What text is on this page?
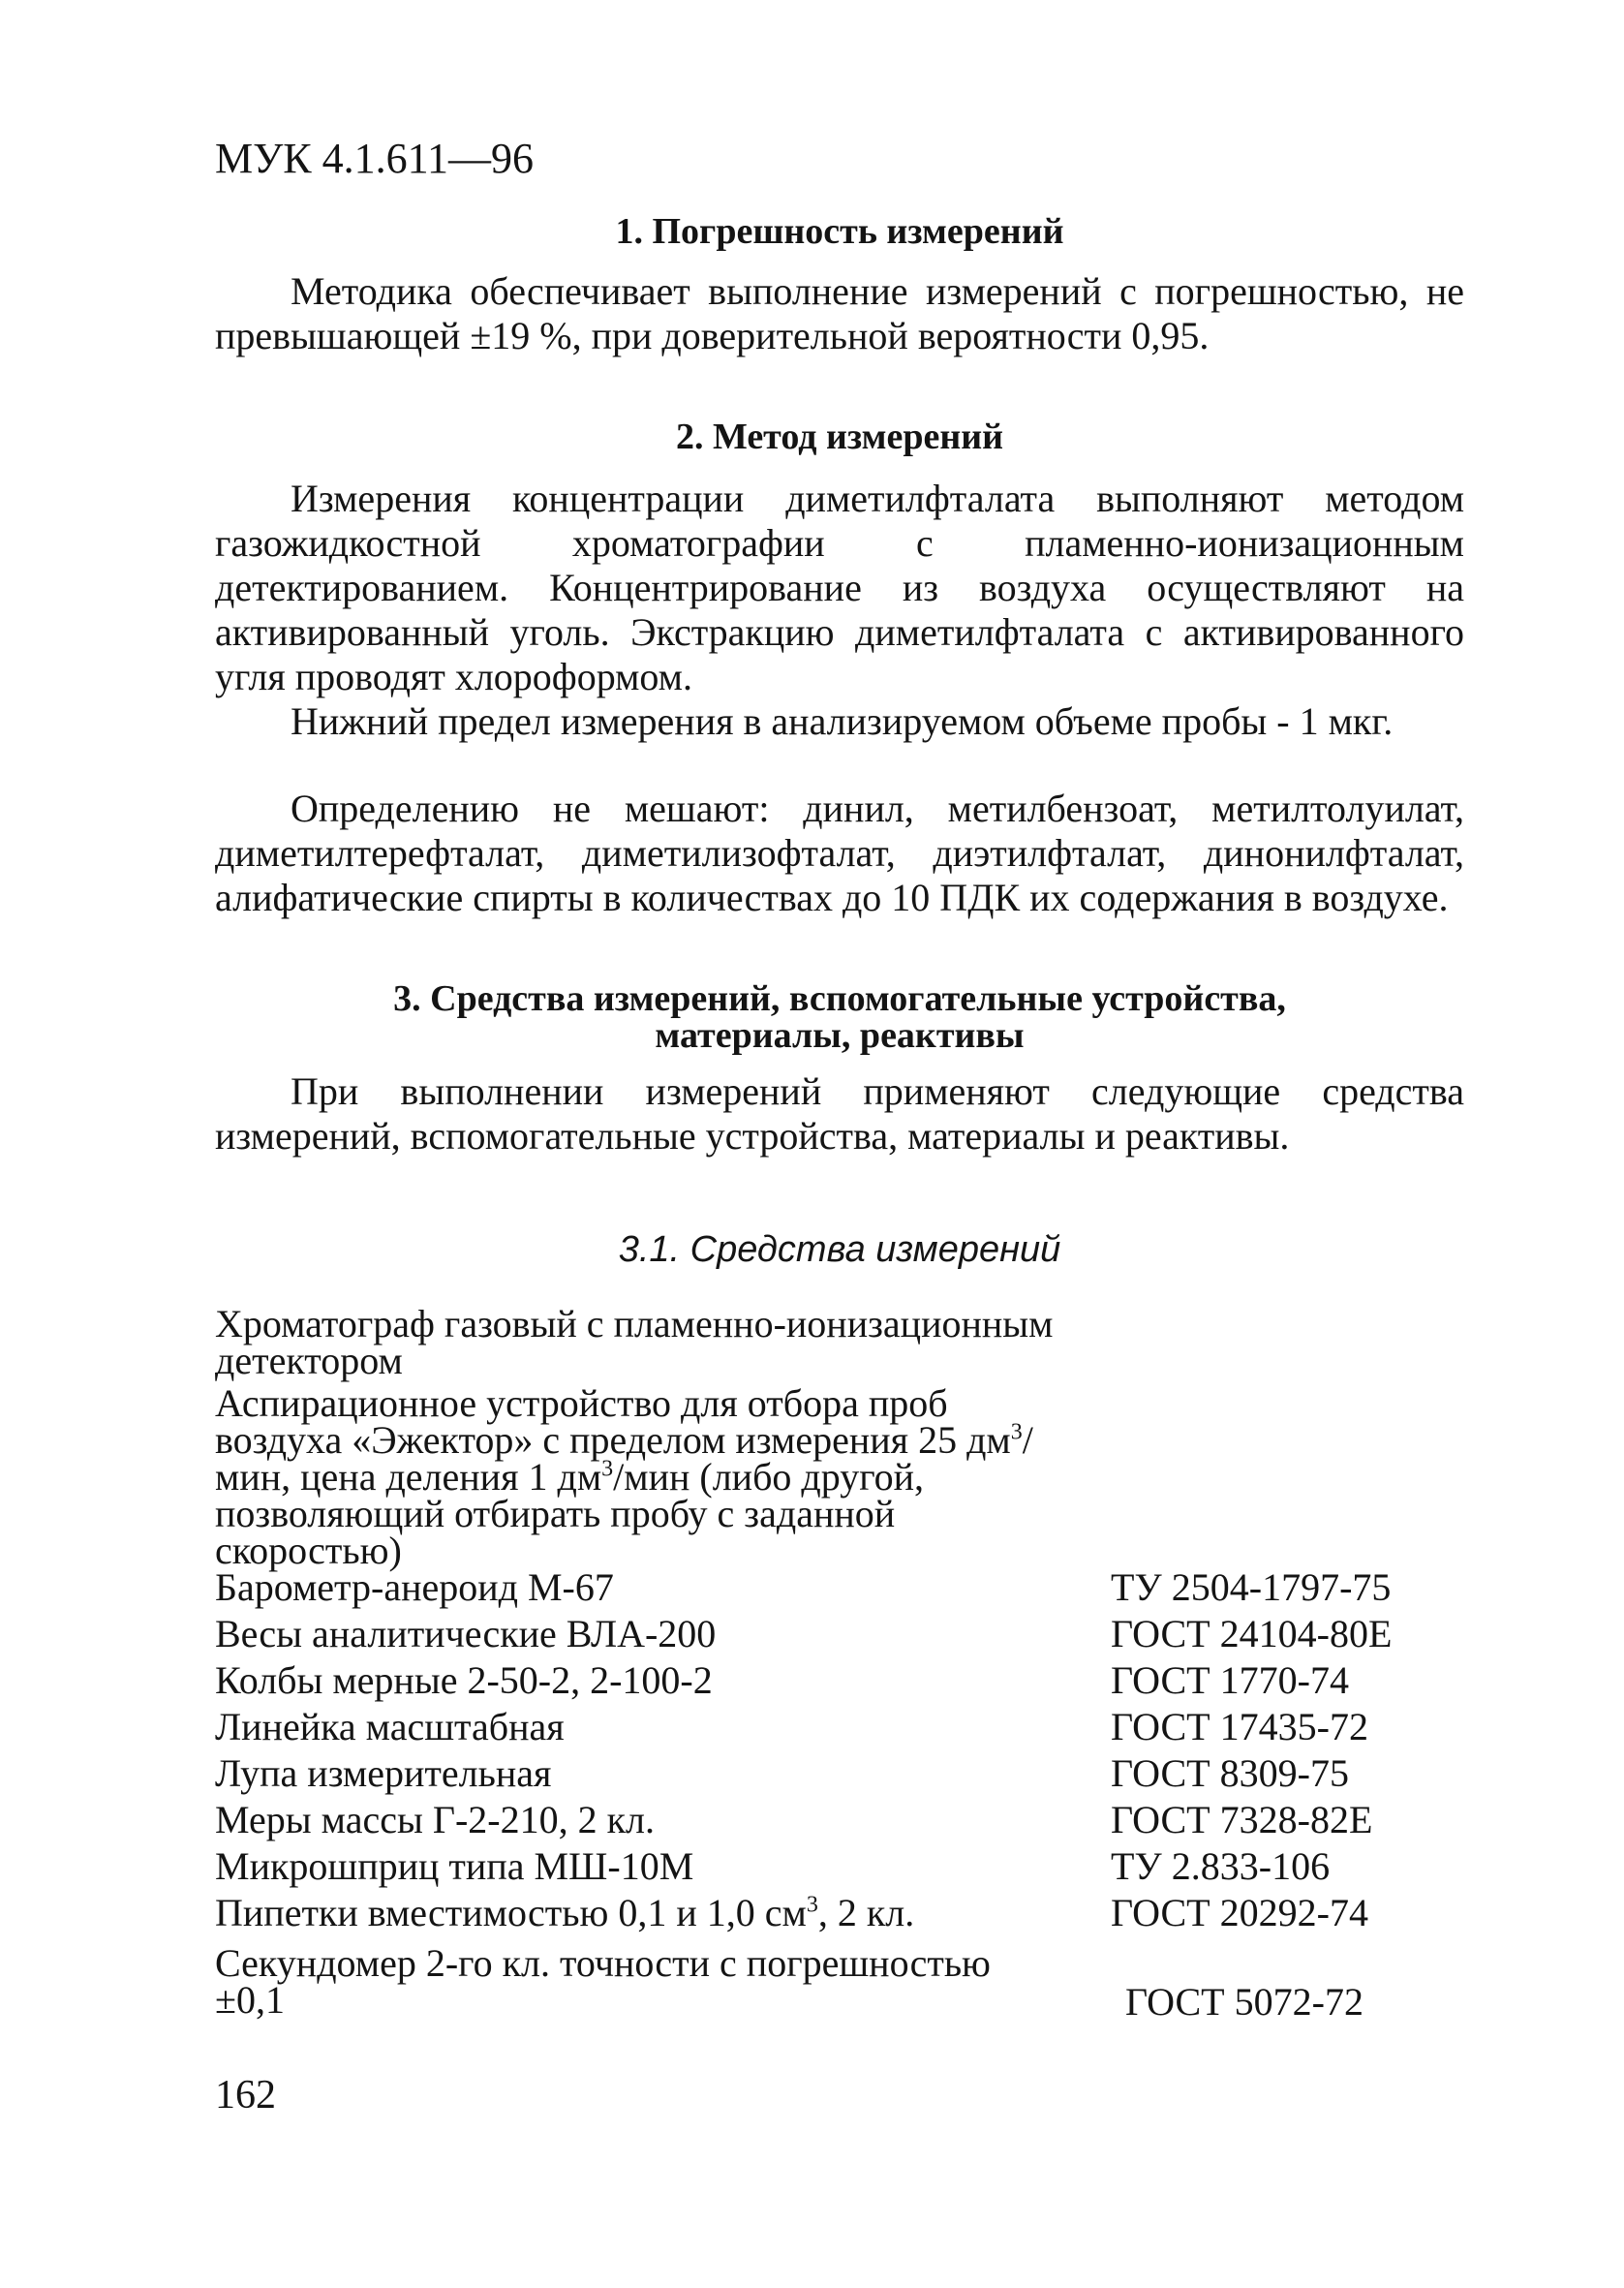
МУК 4.1.611—96
1. Погрешность измерений
Методика обеспечивает выполнение измерений с погрешностью, не превышающей ±19 %, при доверительной вероятности 0,95.
2. Метод измерений
Измерения концентрации диметилфталата выполняют методом газожидкостной хроматографии с пламенно-ионизационным детектированием. Концентрирование из воздуха осуществляют на активированный уголь. Экстракцию диметилфталата с активированного угля проводят хлороформом.
Нижний предел измерения в анализируемом объеме пробы - 1 мкг.
Определению не мешают: динил, метилбензоат, метилтолуилат, диметилтерефталат, диметилизофталат, диэтилфталат, динонилфталат, алифатические спирты в количествах до 10 ПДК их содержания в воздухе.
3. Средства измерений, вспомогательные устройства,
материалы, реактивы
При выполнении измерений применяют следующие средства измерений, вспомогательные устройства, материалы и реактивы.
3.1. Средства измерений
Хроматограф газовый с пламенно-ионизационным детектором
Аспирационное устройство для отбора проб воздуха «Эжектор» с пределом измерения 25 $дм^3$/мин, цена деления 1 $дм^3$/мин (либо другой, позволяющий отбирать пробу с заданной скоростью)
Барометр-анероид М-67	ТУ 2504-1797-75
Весы аналитические ВЛА-200	ГОСТ 24104-80Е
Колбы мерные 2-50-2, 2-100-2	ГОСТ 1770-74
Линейка масштабная	ГОСТ 17435-72
Лупа измерительная	ГОСТ 8309-75
Меры массы Г-2-210, 2 кл.	ГОСТ 7328-82Е
Микрошприц типа МШ-10М	ТУ 2.833-106
Пипетки вместимостью 0,1 и 1,0 $см^3$, 2 кл.	ГОСТ 20292-74
Секундомер 2-го кл. точности с погрешностью ±0,1	ГОСТ 5072-72
162
